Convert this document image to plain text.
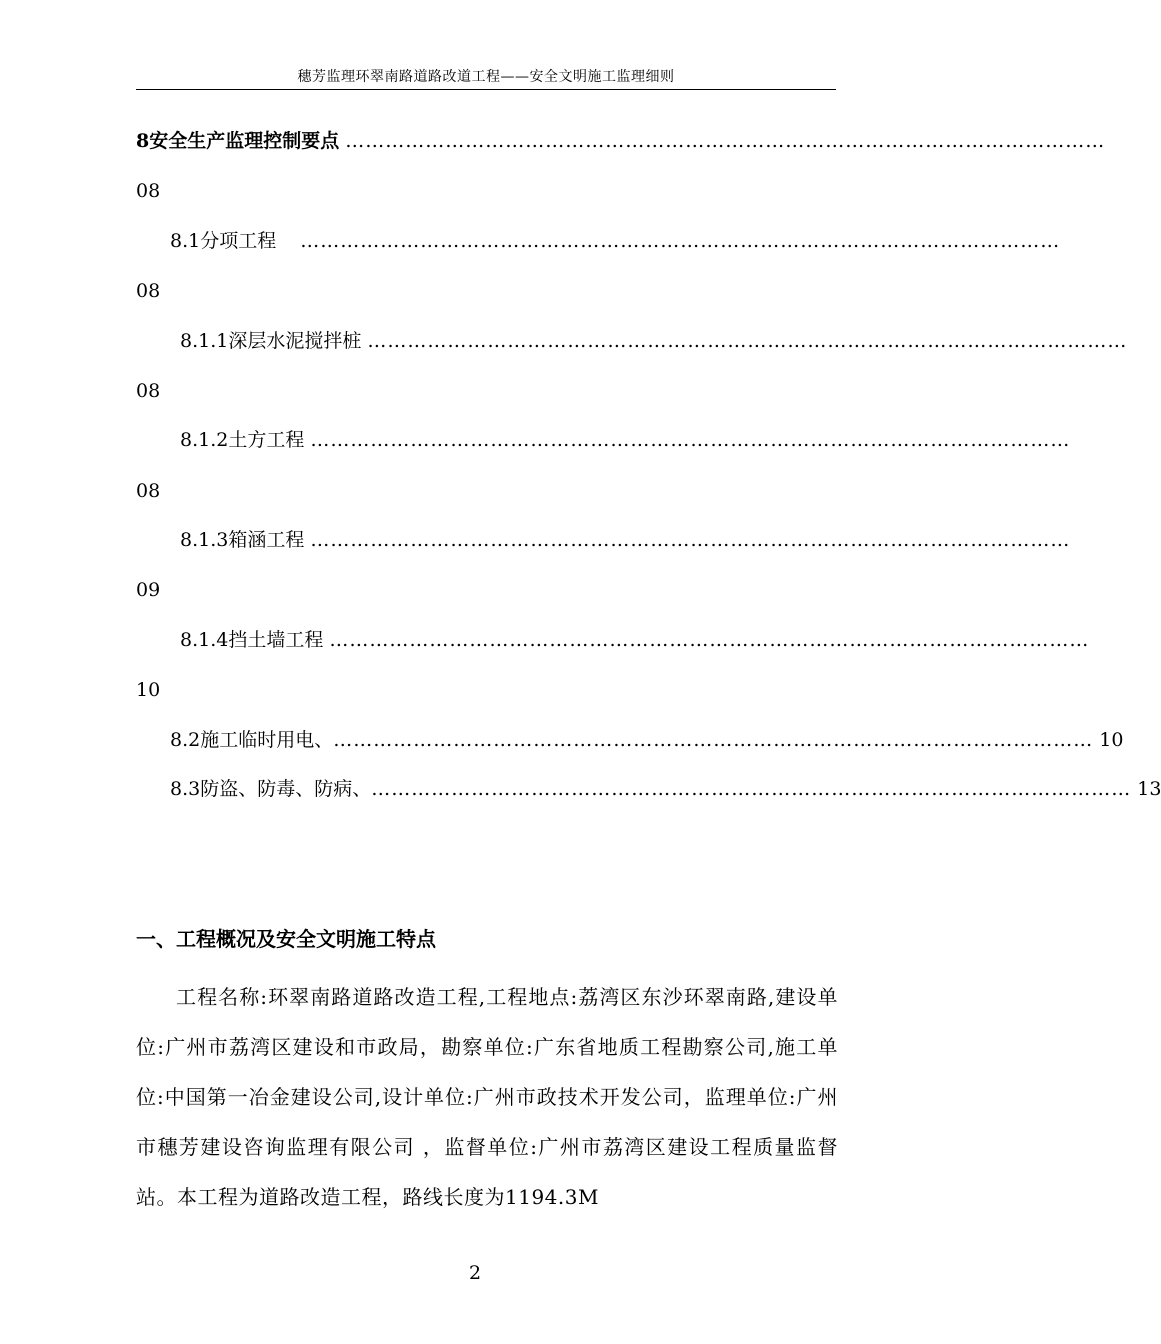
穗芳监理环翠南路道路改道工程——安全文明施工监理细则
8 安全生产监理控制要点 ……………………………………………………………………………………………………
08
8.1 分项工程 ……………………………………………………………………………………………………
08
8.1.1 深层水泥搅拌桩 ……………………………………………………………………………………………………
08
8.1.2 土方工程 ……………………………………………………………………………………………………
08
8.1.3 箱涵工程 ……………………………………………………………………………………………………
09
8.1.4 挡土墙工程 ……………………………………………………………………………………………………
10
8.2 施工临时用电、 …………………………………………………………………………………………………… 10
8.3 防盗、防毒、防病、 …………………………………………………………………………………………………… 13
一、工程概况及安全文明施工特点
工程名称:环翠南路道路改造工程,工程地点:荔湾区东沙环翠南路,建设单位:广州市荔湾区建设和市政局，勘察单位:广东省地质工程勘察公司,施工单位:中国第一冶金建设公司,设计单位:广州市政技术开发公司，监理单位:广州市穗芳建设咨询监理有限公司 ，监督单位:广州市荔湾区建设工程质量监督站。本工程为道路改造工程，路线长度为1194.3M
2
